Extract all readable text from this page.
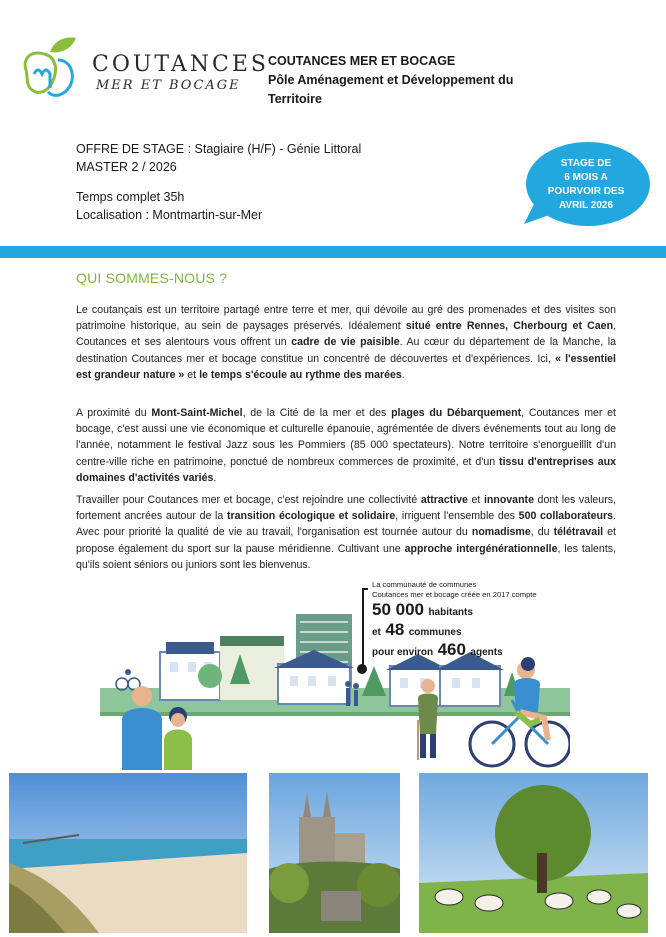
COUTANCES
MER ET BOCAGE
COUTANCES MER ET BOCAGE
Pôle Aménagement et Développement du
Territoire
OFFRE DE STAGE : Stagiaire (H/F) - Génie Littoral
MASTER 2 / 2026
Temps complet 35h
Localisation : Montmartin-sur-Mer
STAGE DE
6 MOIS A
POURVOIR DES
AVRIL 2026
QUI SOMMES-NOUS ?
Le coutançais est un territoire partagé entre terre et mer, qui dévoile au gré des promenades et des visites son patrimoine historique, au sein de paysages préservés. Idéalement situé entre Rennes, Cherbourg et Caen, Coutances et ses alentours vous offrent un cadre de vie paisible. Au cœur du département de la Manche, la destination Coutances mer et bocage constitue un concentré de découvertes et d'expériences. Ici, « l'essentiel est grandeur nature » et le temps s'écoule au rythme des marées.
A proximité du Mont-Saint-Michel, de la Cité de la mer et des plages du Débarquement, Coutances mer et bocage, c'est aussi une vie économique et culturelle épanouie, agrémentée de divers événements tout au long de l'année, notamment le festival Jazz sous les Pommiers (85 000 spectateurs). Notre territoire s'enorgueillit d'un centre-ville riche en patrimoine, ponctué de nombreux commerces de proximité, et d'un tissu d'entreprises aux domaines d'activités variés.
Travailler pour Coutances mer et bocage, c'est rejoindre une collectivité attractive et innovante dont les valeurs, fortement ancrées autour de la transition écologique et solidaire, irriguent l'ensemble des 500 collaborateurs. Avec pour priorité la qualité de vie au travail, l'organisation est tournée autour du nomadisme, du télétravail et propose également du sport sur la pause méridienne. Cultivant une approche intergénérationnelle, les talents, qu'ils soient séniors ou juniors sont les bienvenus.
La communauté de communes
Coutances mer et bocage créée en 2017 compte
50 000 habitants
et 48 communes
pour environ 460 agents
